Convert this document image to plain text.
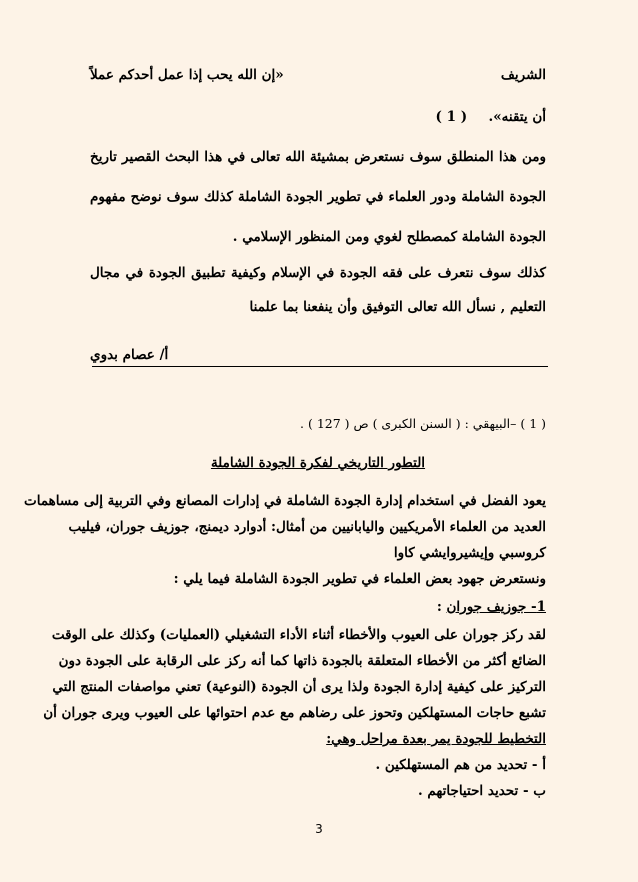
الشريف
«إن الله يحب إذا عمل أحدكم عملاً
أن يتقنه».  ( 1 )
ومن هذا المنطلق سوف نستعرض بمشيئة الله تعالى في هذا البحث القصير تاريخ
الجودة الشاملة ودور العلماء في تطوير الجودة الشاملة كذلك سوف نوضح مفهوم
الجودة الشاملة كمصطلح لغوي ومن المنظور الإسلامي .
كذلك سوف نتعرف على فقه الجودة في الإسلام وكيفية تطبيق الجودة في مجال
التعليم , نسأل الله تعالى التوفيق وأن ينفعنا بما علمنا
أ/ عصام بدوي
( 1 ) –البيهقي : ( السنن الكبرى ) ص ( 127 ) .
التطور التاريخي لفكرة الجودة الشاملة
يعود الفضل في استخدام إدارة الجودة الشاملة في إدارات المصانع وفي التربية إلى مساهمات
العديد من العلماء الأمريكيين واليابانيين من أمثال: أدوارد ديمنج، جوزيف جوران، فيليب
كروسبي وإيشيروايشي كاوا
ونستعرض جهود بعض العلماء في تطوير الجودة الشاملة فيما يلي :
1- جوزيف جوران :
لقد ركز جوران على العيوب والأخطاء أثناء الأداء التشغيلي (العمليات) وكذلك على الوقت
الضائع أكثر من الأخطاء المتعلقة بالجودة ذاتها كما أنه ركز على الرقابة على الجودة دون
التركيز على كيفية إدارة الجودة ولذا يرى أن الجودة (النوعية) تعني مواصفات المنتج التي
تشبع حاجات المستهلكين وتحوز على رضاهم مع عدم احتوائها على العيوب ويرى جوران أن
التخطيط للجودة يمر بعدة مراحل وهي:
أ - تحديد من هم المستهلكين .
ب - تحديد احتياجاتهم .
3
